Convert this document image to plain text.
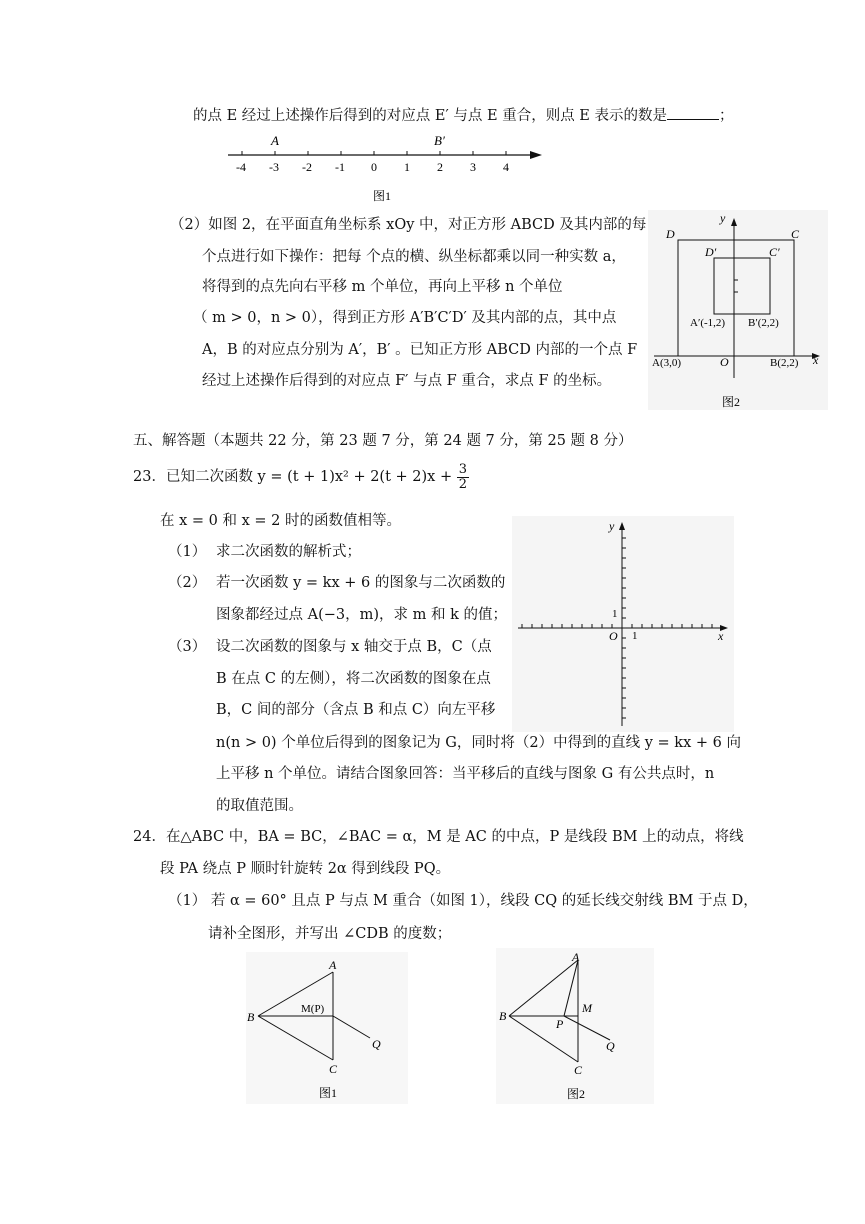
的点 E 经过上述操作后得到的对应点 E′ 与点 E 重合，则点 E 表示的数是	；
-4 -3 -2 -1 0 1 2 3 4
A	B′
图1
（2）如图 2，在平面直角坐标系 xOy 中，对正方形 ABCD 及其内部的每
个点进行如下操作：把每 个点的横、纵坐标都乘以同一种实数 a，
将得到的点先向右平移 m 个单位，再向上平移 n 个单位
（ m > 0，n > 0），得到正方形 A′B′C′D′ 及其内部的点，其中点
A，B 的对应点分别为 A′，B′ 。已知正方形 ABCD 内部的一个点 F
经过上述操作后得到的对应点 F′ 与点 F 重合，求点 F 的坐标。
y
D	C
D′	C′
A′(-1,2) B′(2,2)
A(3,0)	O	B(2,2) x
图2
五、解答题（本题共 22 分，第 23 题 7 分，第 24 题 7 分，第 25 题 8 分）
23．已知二次函数 $y = (t + 1)x^2 + 2(t + 2)x + \frac{3}{2}$
在 x = 0 和 x = 2 时的函数值相等。
（1） 求二次函数的解析式；
（2） 若一次函数 y = kx + 6 的图象与二次函数的
图象都经过点 A(−3，m)，求 m 和 k 的值；
（3） 设二次函数的图象与 x 轴交于点 B，C（点
B 在点 C 的左侧），将二次函数的图象在点
B，C 间的部分（含点 B 和点 C）向左平移
n(n > 0) 个单位后得到的图象记为 G，同时将（2）中得到的直线 y = kx + 6 向
上平移 n 个单位。请结合图象回答：当平移后的直线与图象 G 有公共点时，n
的取值范围。
y
x
O 1
1
24．在△ABC 中，BA = BC，∠BAC = α，M 是 AC 的中点，P 是线段 BM 上的动点，将线
段 PA 绕点 P 顺时针旋转 2α 得到线段 PQ。
（1） 若 α = 60° 且点 P 与点 M 重合（如图 1），线段 CQ 的延长线交射线 BM 于点 D，
请补全图形，并写出 ∠CDB 的度数；
A
B
M(P)
Q
C
图1
A
B
M
P
Q
C
图2
